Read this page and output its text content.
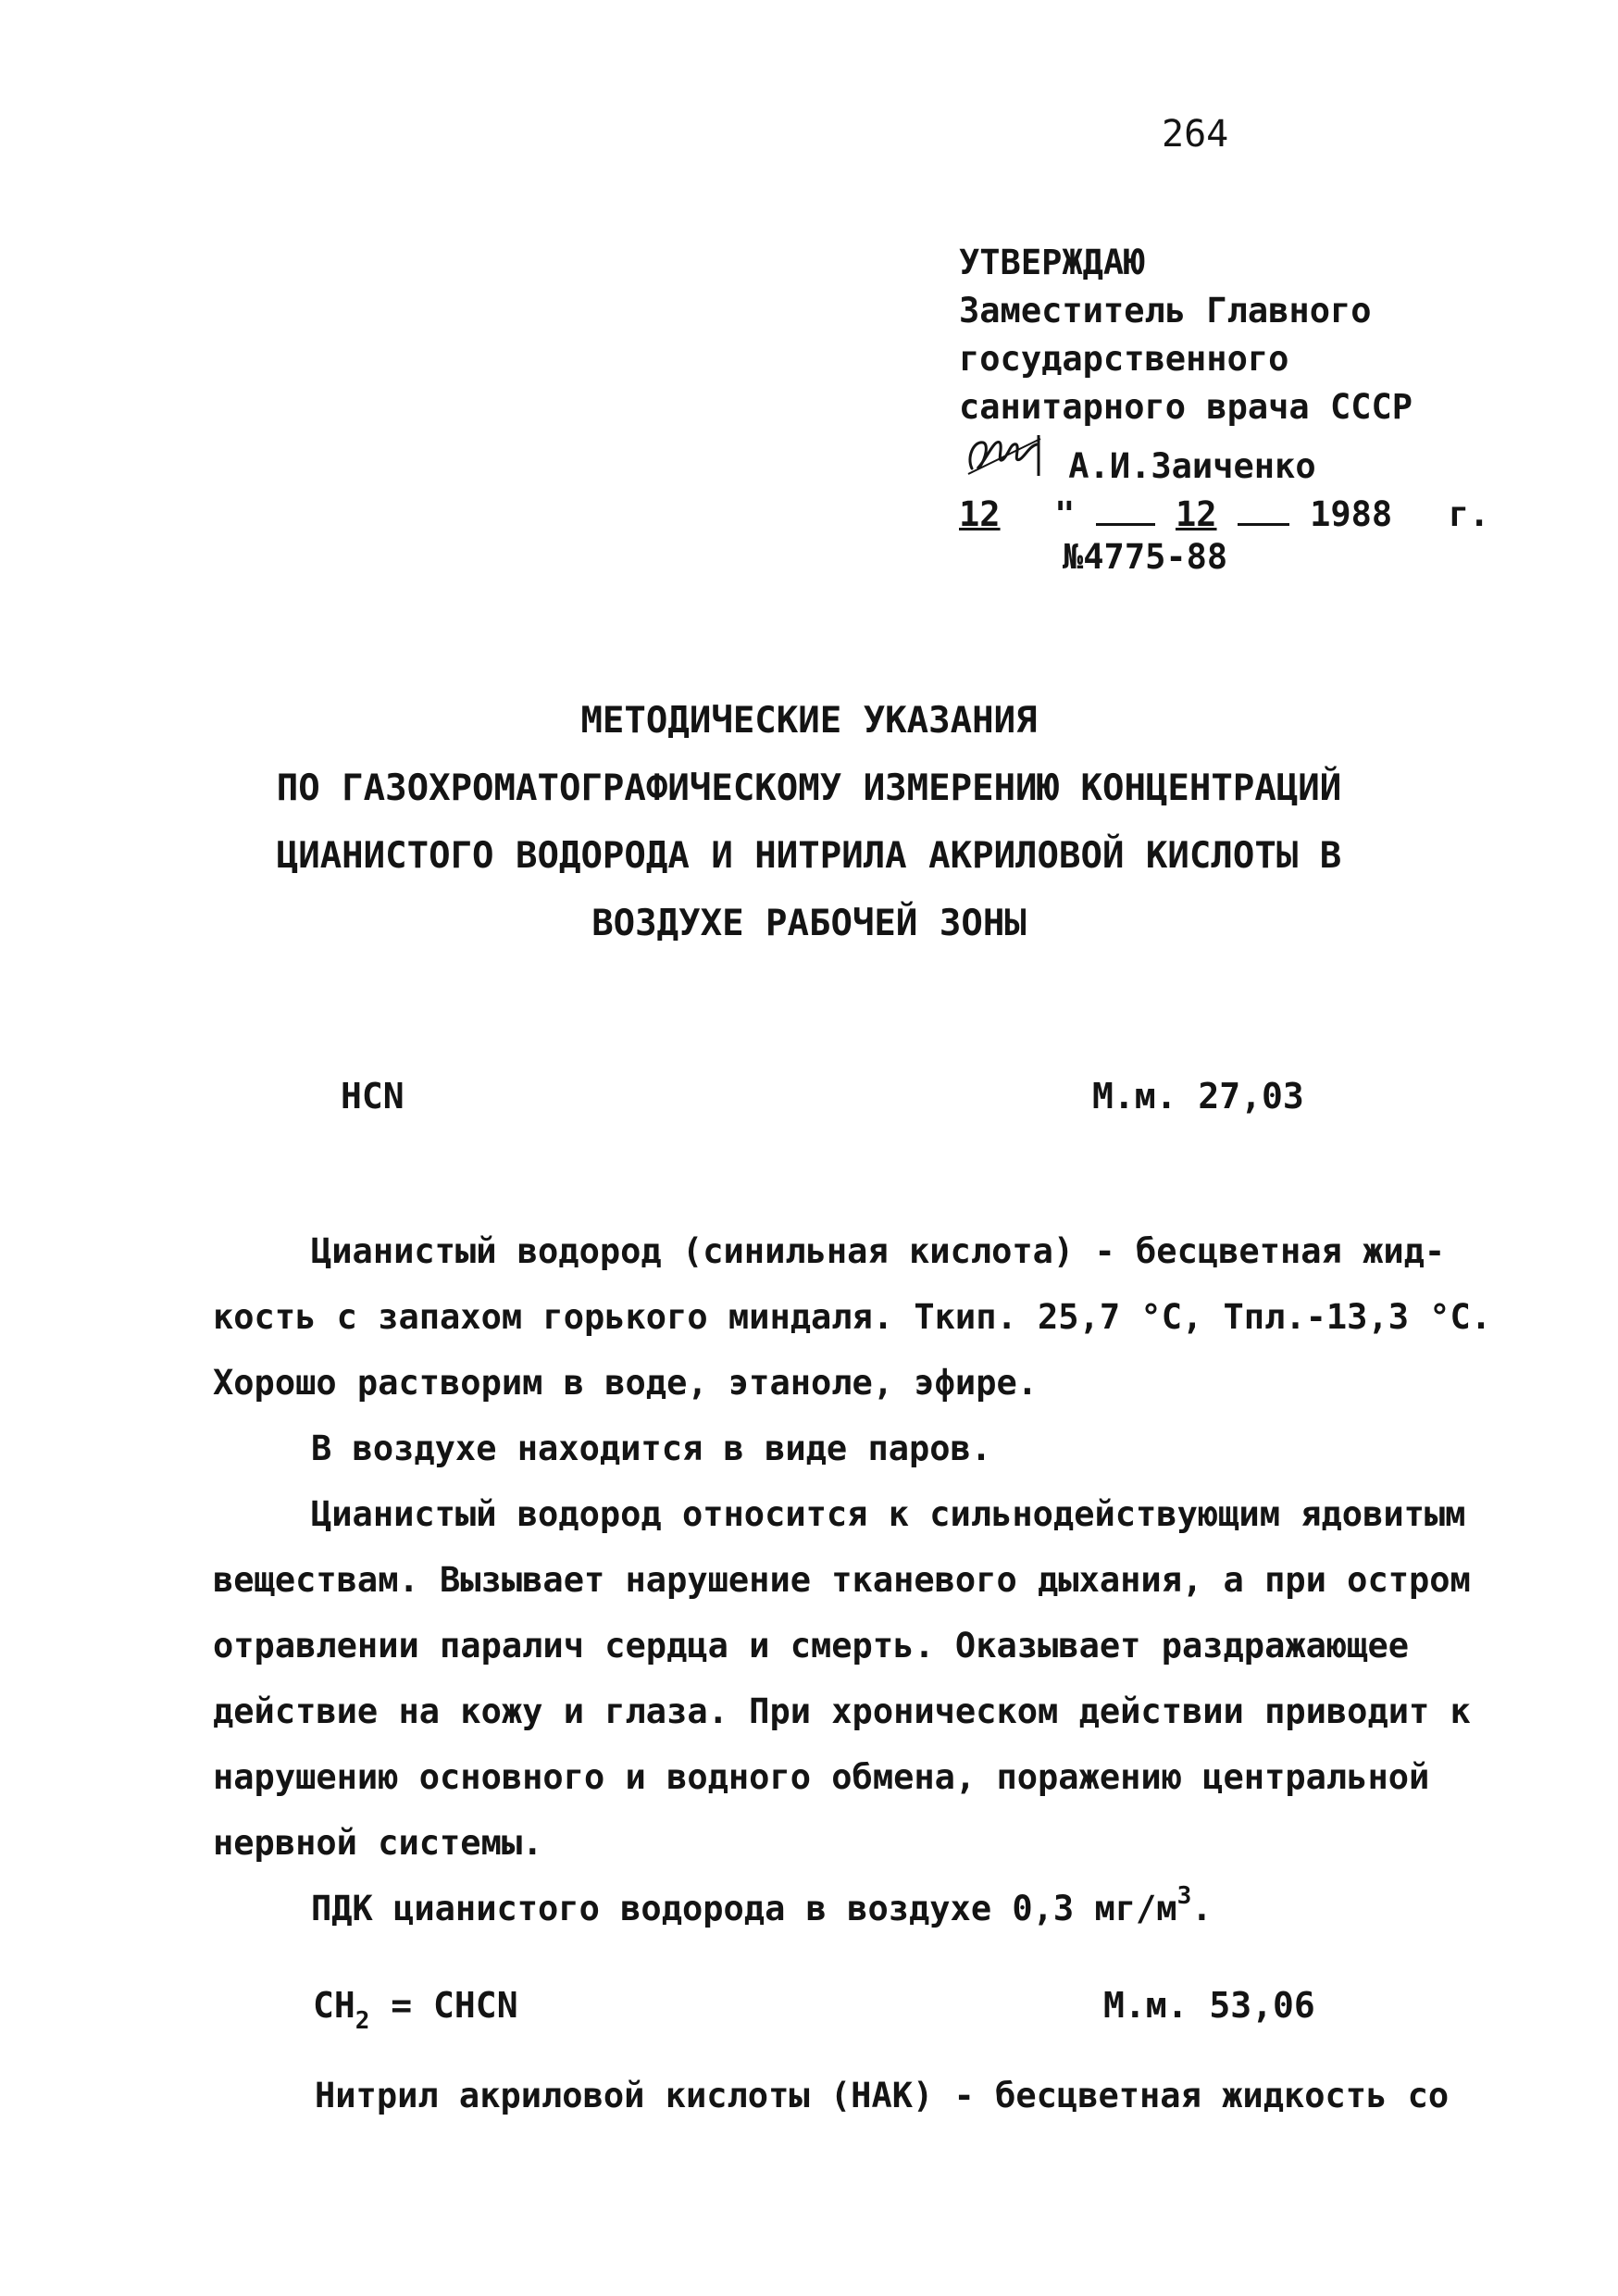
264
УТВЕРЖДАЮ
Заместитель Главного
государственного
санитарного врача СССР
А.И.Заиченко
12 "	12	1988 г.
№4775-88
МЕТОДИЧЕСКИЕ УКАЗАНИЯ
ПО ГАЗОХРОМАТОГРАФИЧЕСКОМУ ИЗМЕРЕНИЮ КОНЦЕНТРАЦИЙ
ЦИАНИСТОГО ВОДОРОДА И НИТРИЛА АКРИЛОВОЙ КИСЛОТЫ В
ВОЗДУХЕ РАБОЧЕЙ ЗОНЫ
HCN	М.м. 27,03
Цианистый водород (синильная кислота) - бесцветная жид-
кость с запахом горького миндаля. Ткип. 25,7 °С, Тпл.-13,3 °С.
Хорошо растворим в воде, этаноле, эфире.
В воздухе находится в виде паров.
Цианистый водород относится к сильнодействующим ядовитым
веществам. Вызывает нарушение тканевого дыхания, а при остром
отравлении паралич сердца и смерть. Оказывает раздражающее
действие на кожу и глаза. При хроническом действии приводит к
нарушению основного и водного обмена, поражению центральной
нервной системы.
ПДК цианистого водорода в воздухе 0,3 $мг/м^3$.
$CH_2$ = CHCN	М.м. 53,06
Нитрил акриловой кислоты (НАК) - бесцветная жидкость со
